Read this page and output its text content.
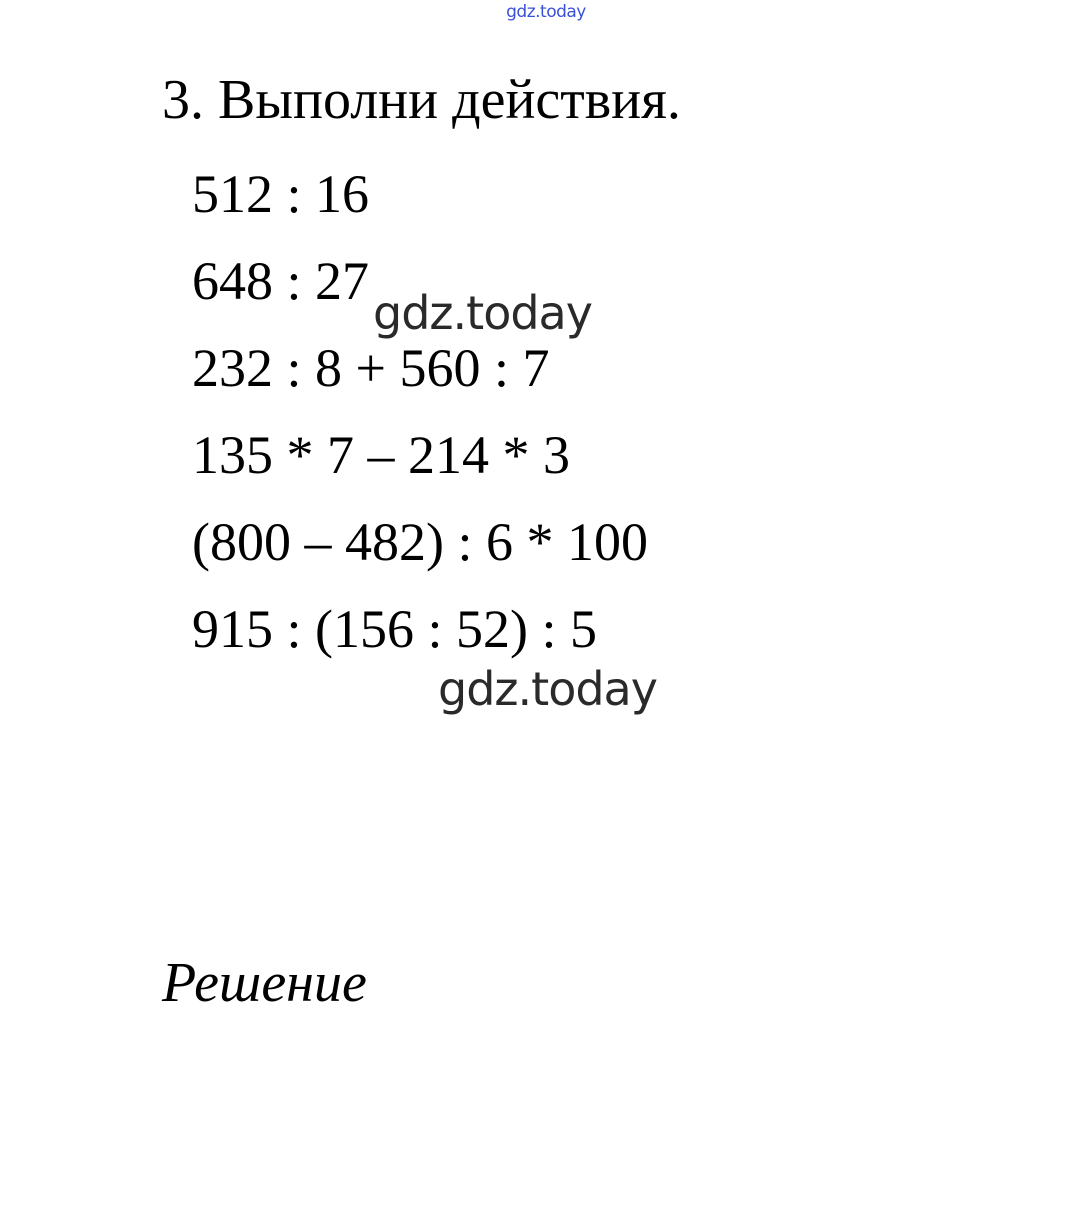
gdz.today
3. Выполни действия.
512 : 16
648 : 27
232 : 8 + 560 : 7
135 * 7 – 214 * 3
(800 – 482) : 6 * 100
915 : (156 : 52) : 5
gdz.today
gdz.today
Решение
